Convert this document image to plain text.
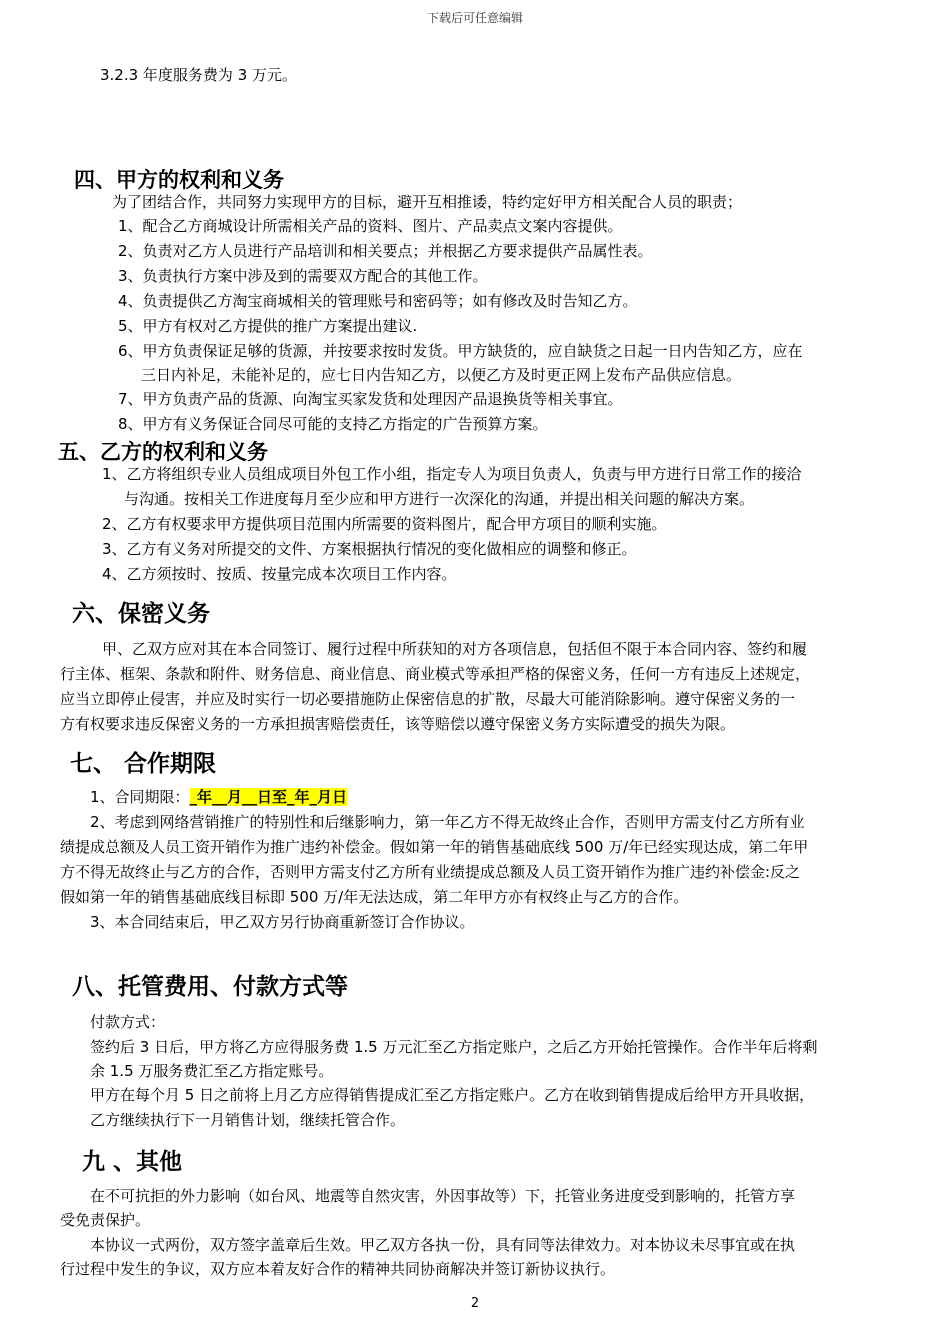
下载后可任意编辑
3.2.3 年度服务费为 3 万元。
四、甲方的权利和义务
为了团结合作，共同努力实现甲方的目标，避开互相推诿，特约定好甲方相关配合人员的职责；
1、配合乙方商城设计所需相关产品的资料、图片、产品卖点文案内容提供。
2、负责对乙方人员进行产品培训和相关要点；并根据乙方要求提供产品属性表。
3、负责执行方案中涉及到的需要双方配合的其他工作。
4、负责提供乙方淘宝商城相关的管理账号和密码等；如有修改及时告知乙方。
5、甲方有权对乙方提供的推广方案提出建议.
6、甲方负责保证足够的货源，并按要求按时发货。甲方缺货的，应自缺货之日起一日内告知乙方，应在
三日内补足，未能补足的，应七日内告知乙方，以便乙方及时更正网上发布产品供应信息。
7、甲方负责产品的货源、向淘宝买家发货和处理因产品退换货等相关事宜。
8、甲方有义务保证合同尽可能的支持乙方指定的广告预算方案。
五、乙方的权利和义务
1、乙方将组织专业人员组成项目外包工作小组，指定专人为项目负责人，负责与甲方进行日常工作的接洽
与沟通。按相关工作进度每月至少应和甲方进行一次深化的沟通，并提出相关问题的解决方案。
2、乙方有权要求甲方提供项目范围内所需要的资料图片，配合甲方项目的顺利实施。
3、乙方有义务对所提交的文件、方案根据执行情况的变化做相应的调整和修正。
4、乙方须按时、按质、按量完成本次项目工作内容。
六、保密义务
甲、乙双方应对其在本合同签订、履行过程中所获知的对方各项信息，包括但不限于本合同内容、签约和履
行主体、框架、条款和附件、财务信息、商业信息、商业模式等承担严格的保密义务，任何一方有违反上述规定，
应当立即停止侵害，并应及时实行一切必要措施防止保密信息的扩散，尽最大可能消除影响。遵守保密义务的一
方有权要求违反保密义务的一方承担损害赔偿责任，该等赔偿以遵守保密义务方实际遭受的损失为限。
七、 合作期限
1、合同期限：_年__月__日至_年_月日
2、考虑到网络营销推广的特别性和后继影响力，第一年乙方不得无故终止合作，否则甲方需支付乙方所有业
绩提成总额及人员工资开销作为推广违约补偿金。假如第一年的销售基础底线 500 万/年已经实现达成，第二年甲
方不得无故终止与乙方的合作，否则甲方需支付乙方所有业绩提成总额及人员工资开销作为推广违约补偿金:反之
假如第一年的销售基础底线目标即 500 万/年无法达成，第二年甲方亦有权终止与乙方的合作。
3、本合同结束后，甲乙双方另行协商重新签订合作协议。
八、托管费用、付款方式等
付款方式：
签约后 3 日后，甲方将乙方应得服务费 1.5 万元汇至乙方指定账户，之后乙方开始托管操作。合作半年后将剩
余 1.5 万服务费汇至乙方指定账号。
甲方在每个月 5 日之前将上月乙方应得销售提成汇至乙方指定账户。乙方在收到销售提成后给甲方开具收据，
乙方继续执行下一月销售计划，继续托管合作。
九 、其他
在不可抗拒的外力影响（如台风、地震等自然灾害，外因事故等）下，托管业务进度受到影响的，托管方享
受免责保护。
本协议一式两份，双方签字盖章后生效。甲乙双方各执一份，具有同等法律效力。对本协议未尽事宜或在执
行过程中发生的争议，双方应本着友好合作的精神共同协商解决并签订新协议执行。
2
